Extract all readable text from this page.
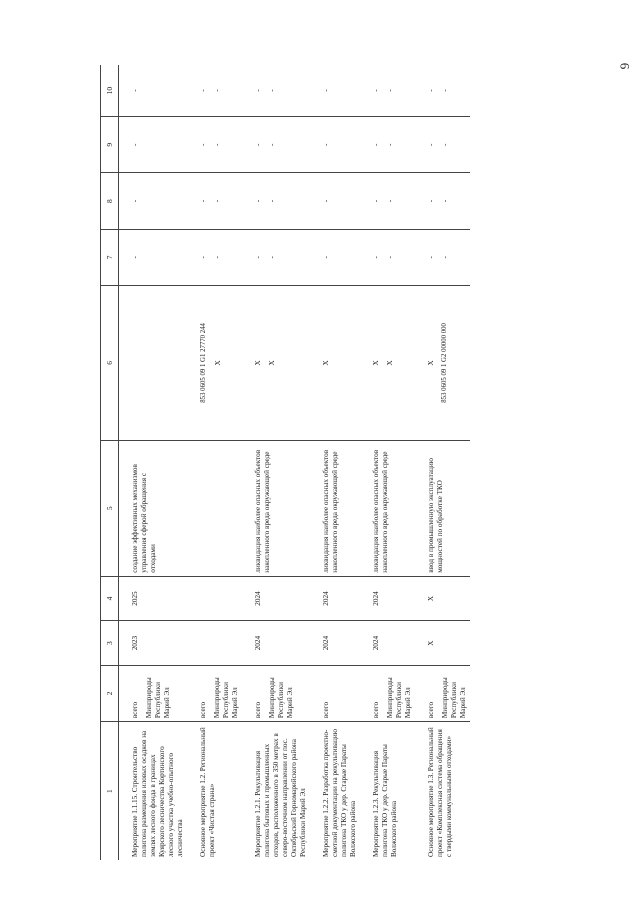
6
1	2	3	4	5	6	7	8	9	10
Мероприятие 1.1.15. Строительство полигона размещения иловых осадков на землях лесного фонда в границах Куярского лесничества Кортинского лесного участка учебно-опытного лесничества	всего Минприроды Республики Марий Эл	2023	2025	создание эффективных механизмов управления сферой обращения с отходами		-	-	-	-
Основное мероприятие 1.2. Региональный проект «Чистая страна»	всего Минприроды Республики Марий Эл				853 0605 09 1 G1 27770 244 X	- -	- -	- -	- -

Мероприятие 1.2.1. Рекультивация полигона бытовых и промышленных отходов, расположенного в 350 метрах в северо-восточном направлении от пос. Октябрьский Горномарийского района Республики Марий Эл	всего Минприроды Республики Марий Эл	2024	2024	ликвидация наиболее опасных объектов накопленного вреда окружающей среде	X X	- -	- -	- -	- -

Мероприятие 1.2.2. Разработка проектно-сметной документации на рекультивацию полигона ТКО у дер. Старые Параты Волжского района	всего	2024	2024	ликвидация наиболее опасных объектов накопленного вреда окружающей среде	X	-	-	-	-
Мероприятие 1.2.3. Рекультивация полигона ТКО у дер. Старые Параты Волжского района	всего Минприроды Республики Марий Эл	2024	2024	ликвидация наиболее опасных объектов накопленного вреда окружающей среде	X X	- -	- -	- -	- -

Основное мероприятие 1.3. Региональный проект «Комплексная система обращения с твердыми коммунальными отходами»	всего Минприроды Республики Марий Эл	X	X	ввод в промышленную эксплуатацию мощностей по обработке ТКО	X 853 0605 09 1 G2 00000 000	- -	- -	- -	- -
